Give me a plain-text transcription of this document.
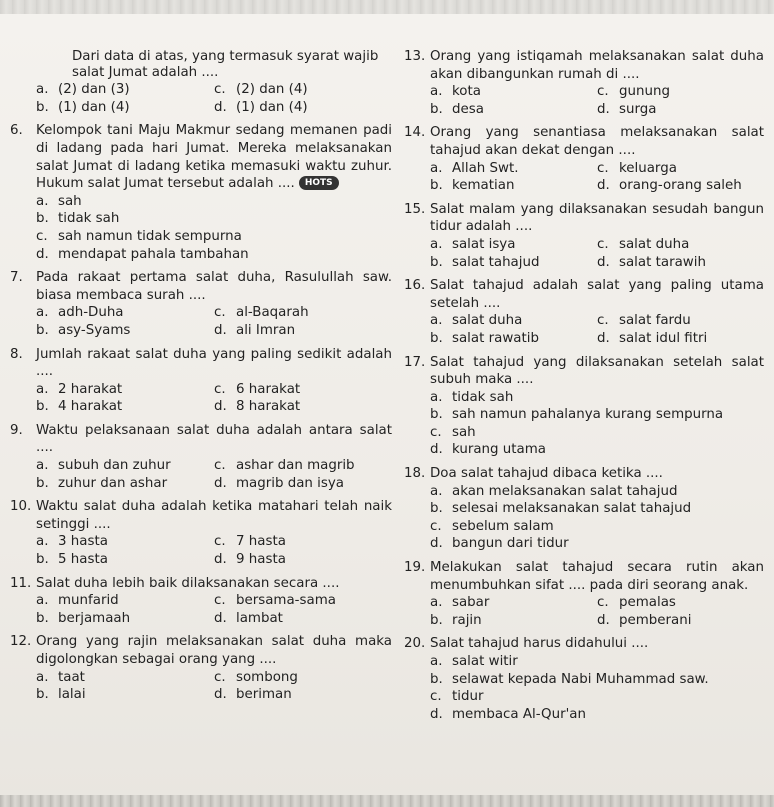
Dari data di atas, yang termasuk syarat wajib
salat Jumat adalah ....
a. (2) dan (3)	c. (2) dan (4)
b. (1) dan (4)	d. (1) dan (4)
6. Kelompok tani Maju Makmur sedang memanen padi di ladang pada hari Jumat. Mereka melaksanakan salat Jumat di ladang ketika memasuki waktu zuhur. Hukum salat Jumat tersebut adalah .... HOTS
a. sah
b. tidak sah
c. sah namun tidak sempurna
d. mendapat pahala tambahan
7. Pada rakaat pertama salat duha, Rasulullah saw. biasa membaca surah ....
a. adh-Duha	c. al-Baqarah
b. asy-Syams	d. ali Imran
8. Jumlah rakaat salat duha yang paling sedikit adalah ....
a. 2 harakat	c. 6 harakat
b. 4 harakat	d. 8 harakat
9. Waktu pelaksanaan salat duha adalah antara salat ....
a. subuh dan zuhur	c. ashar dan magrib
b. zuhur dan ashar	d. magrib dan isya
10. Waktu salat duha adalah ketika matahari telah naik setinggi ....
a. 3 hasta	c. 7 hasta
b. 5 hasta	d. 9 hasta
11. Salat duha lebih baik dilaksanakan secara ....
a. munfarid	c. bersama-sama
b. berjamaah	d. lambat
12. Orang yang rajin melaksanakan salat duha maka digolongkan sebagai orang yang ....
a. taat	c. sombong
b. lalai	d. beriman
13. Orang yang istiqamah melaksanakan salat duha akan dibangunkan rumah di ....
a. kota	c. gunung
b. desa	d. surga
14. Orang yang senantiasa melaksanakan salat tahajud akan dekat dengan ....
a. Allah Swt.	c. keluarga
b. kematian	d. orang-orang saleh
15. Salat malam yang dilaksanakan sesudah bangun tidur adalah ....
a. salat isya	c. salat duha
b. salat tahajud	d. salat tarawih
16. Salat tahajud adalah salat yang paling utama setelah ....
a. salat duha	c. salat fardu
b. salat rawatib	d. salat idul fitri
17. Salat tahajud yang dilaksanakan setelah salat subuh maka ....
a. tidak sah
b. sah namun pahalanya kurang sempurna
c. sah
d. kurang utama
18. Doa salat tahajud dibaca ketika ....
a. akan melaksanakan salat tahajud
b. selesai melaksanakan salat tahajud
c. sebelum salam
d. bangun dari tidur
19. Melakukan salat tahajud secara rutin akan menumbuhkan sifat .... pada diri seorang anak.
a. sabar	c. pemalas
b. rajin	d. pemberani
20. Salat tahajud harus didahului ....
a. salat witir
b. selawat kepada Nabi Muhammad saw.
c. tidur
d. membaca Al-Qur'an
